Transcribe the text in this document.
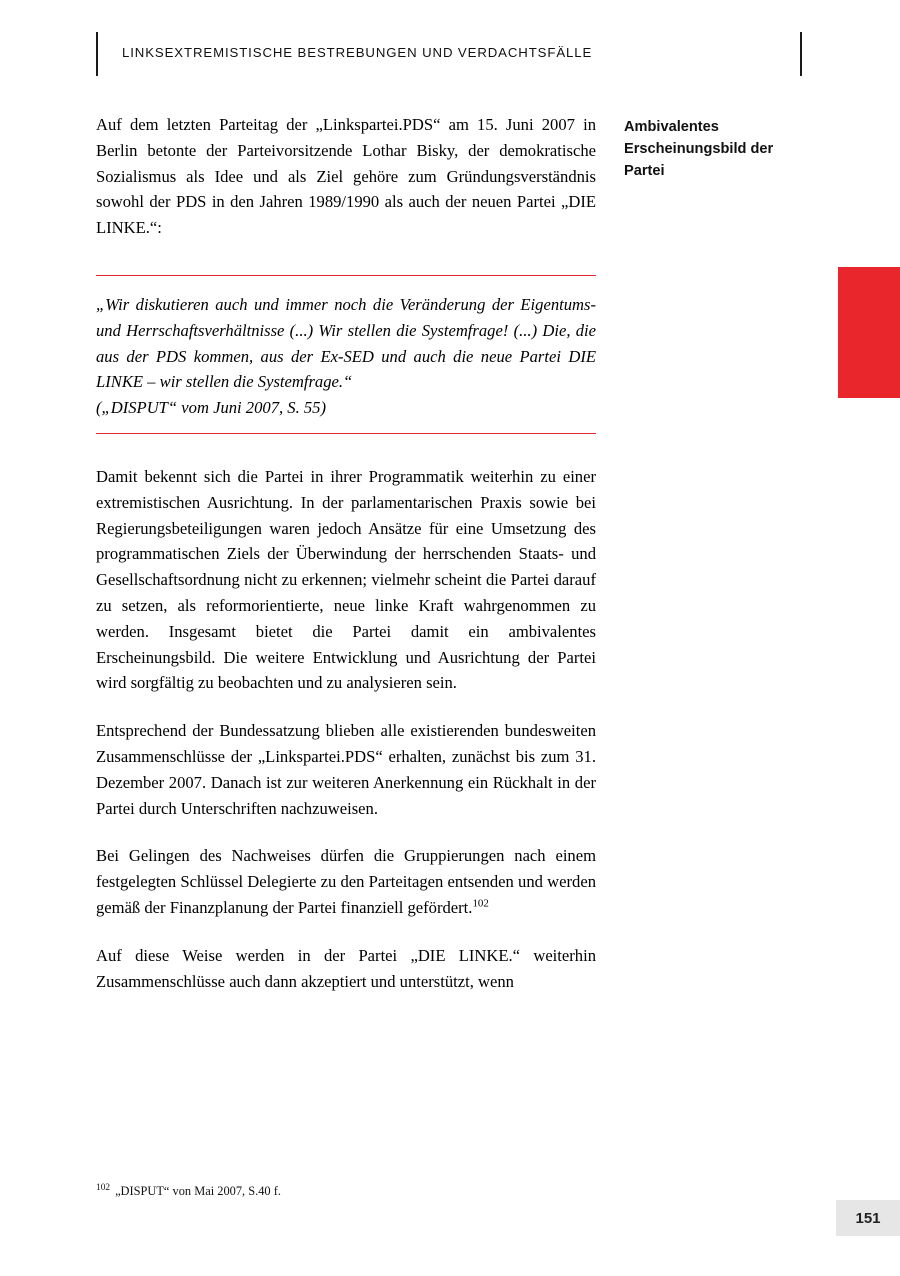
LINKSEXTREMISTISCHE BESTREBUNGEN UND VERDACHTSFÄLLE
Ambivalentes Erscheinungsbild der Partei

Auf dem letzten Parteitag der „Linkspartei.PDS“ am 15. Juni 2007 in Berlin betonte der Parteivorsitzende Lothar Bisky, der demokratische Sozialismus als Idee und als Ziel gehöre zum Gründungsverständnis sowohl der PDS in den Jahren 1989/1990 als auch der neuen Partei „DIE LINKE.“:

„Wir diskutieren auch und immer noch die Veränderung der Eigentums- und Herrschaftsverhältnisse (...) Wir stellen die Systemfrage! (...) Die, die aus der PDS kommen, aus der Ex-SED und auch die neue Partei DIE LINKE – wir stellen die Systemfrage.“

(„DISPUT“ vom Juni 2007, S. 55)

Damit bekennt sich die Partei in ihrer Programmatik weiterhin zu einer extremistischen Ausrichtung. In der parlamentarischen Praxis sowie bei Regierungsbeteiligungen waren jedoch Ansätze für eine Umsetzung des programmatischen Ziels der Überwindung der herrschenden Staats- und Gesellschaftsordnung nicht zu erkennen; vielmehr scheint die Partei darauf zu setzen, als reformorientierte, neue linke Kraft wahrgenommen zu werden. Insgesamt bietet die Partei damit ein ambivalentes Erscheinungsbild. Die weitere Entwicklung und Ausrichtung der Partei wird sorgfältig zu beobachten und zu analysieren sein.

Entsprechend der Bundessatzung blieben alle existierenden bundesweiten Zusammenschlüsse der „Linkspartei.PDS“ erhalten, zunächst bis zum 31. Dezember 2007. Danach ist zur weiteren Anerkennung ein Rückhalt in der Partei durch Unterschriften nachzuweisen.

Bei Gelingen des Nachweises dürfen die Gruppierungen nach einem festgelegten Schlüssel Delegierte zu den Parteitagen entsenden und werden gemäß der Finanzplanung der Partei finanziell gefördert.$^{102}$

Auf diese Weise werden in der Partei „DIE LINKE.“ weiterhin Zusammenschlüsse auch dann akzeptiert und unterstützt, wenn

$^{102}$ „DISPUT“ von Mai 2007, S.40 f.
151
